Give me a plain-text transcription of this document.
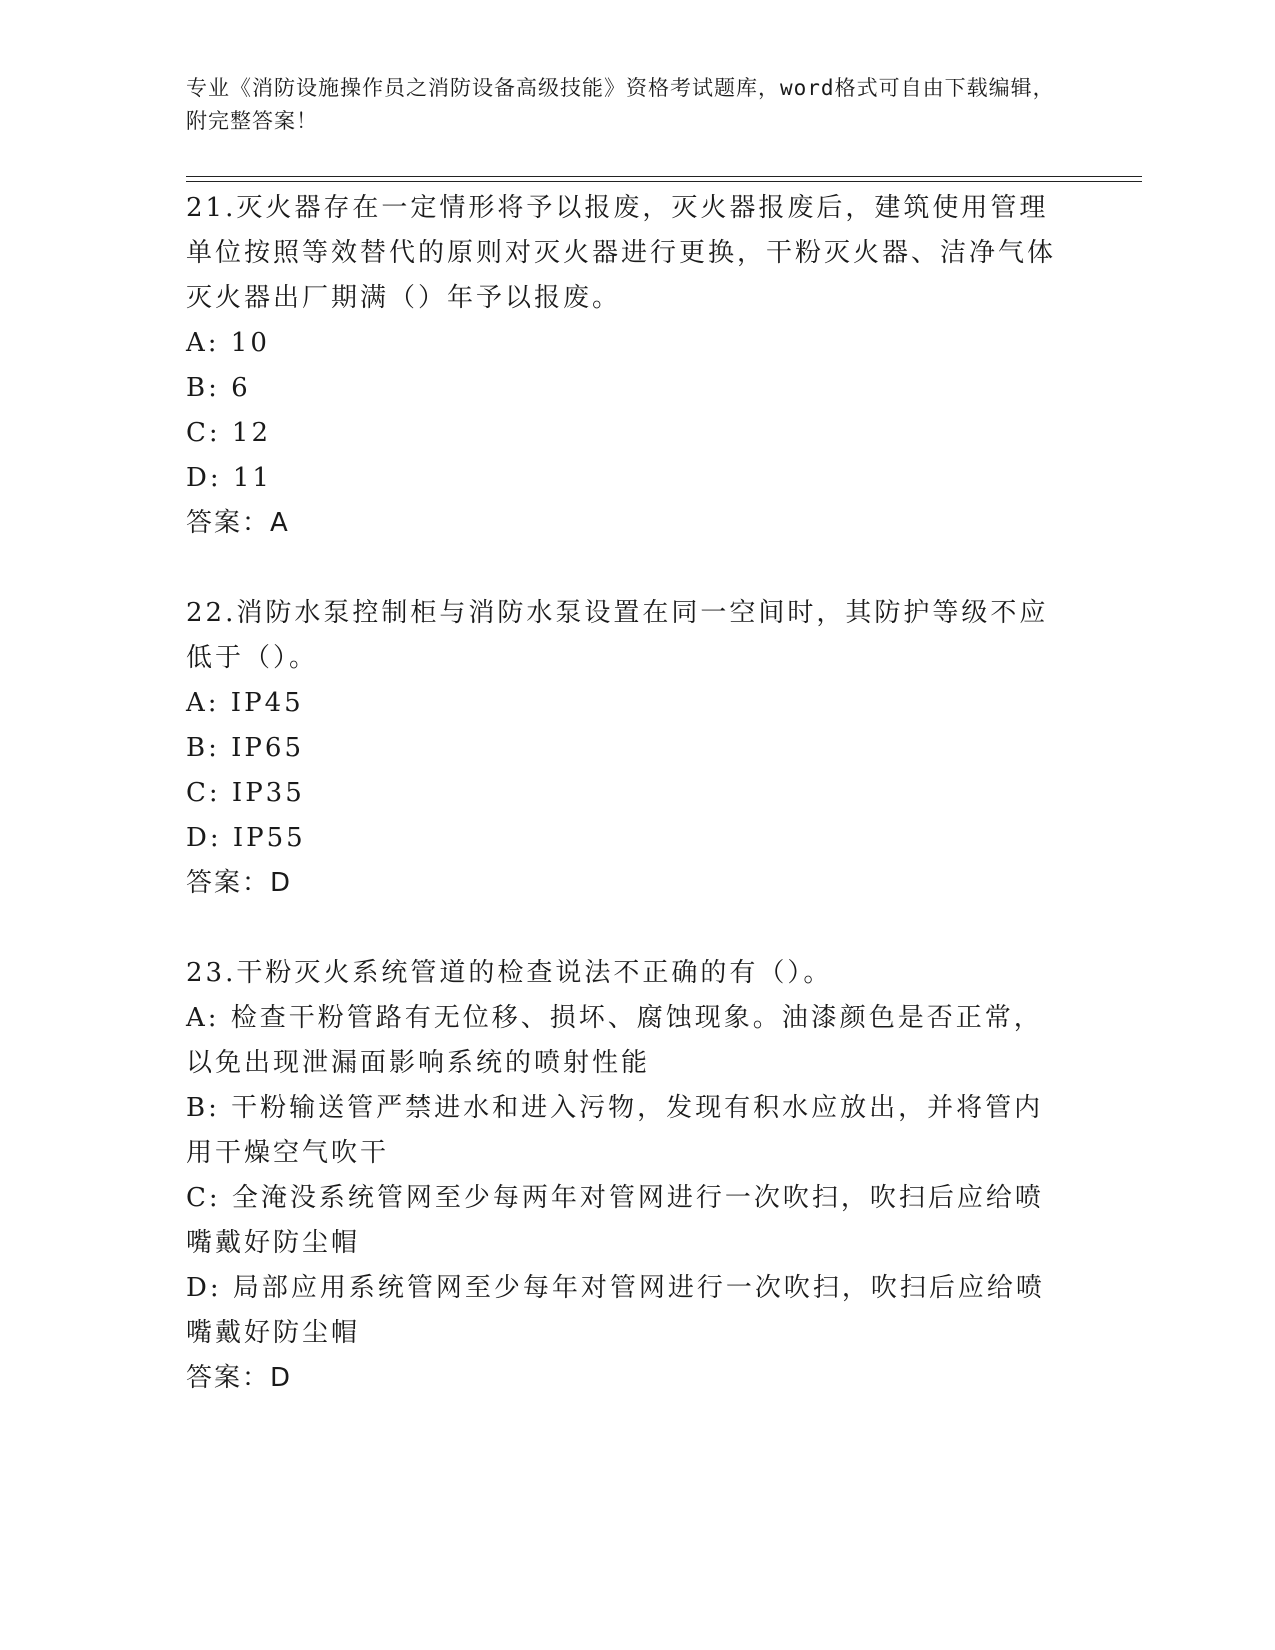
专业《消防设施操作员之消防设备高级技能》资格考试题库，word格式可自由下载编辑，附完整答案！

21.灭火器存在一定情形将予以报废，灭火器报废后，建筑使用管理单位按照等效替代的原则对灭火器进行更换，干粉灭火器、洁净气体灭火器出厂期满（）年予以报废。

A: 10

B: 6

C: 12

D: 11

答案：A

22.消防水泵控制柜与消防水泵设置在同一空间时，其防护等级不应低于（）。

A: IP45

B: IP65

C: IP35

D: IP55

答案：D

23.干粉灭火系统管道的检查说法不正确的有（）。

A: 检查干粉管路有无位移、损坏、腐蚀现象。油漆颜色是否正常，以免出现泄漏面影响系统的喷射性能

B: 干粉输送管严禁进水和进入污物，发现有积水应放出，并将管内用干燥空气吹干

C: 全淹没系统管网至少每两年对管网进行一次吹扫，吹扫后应给喷嘴戴好防尘帽

D: 局部应用系统管网至少每年对管网进行一次吹扫，吹扫后应给喷嘴戴好防尘帽

答案：D
